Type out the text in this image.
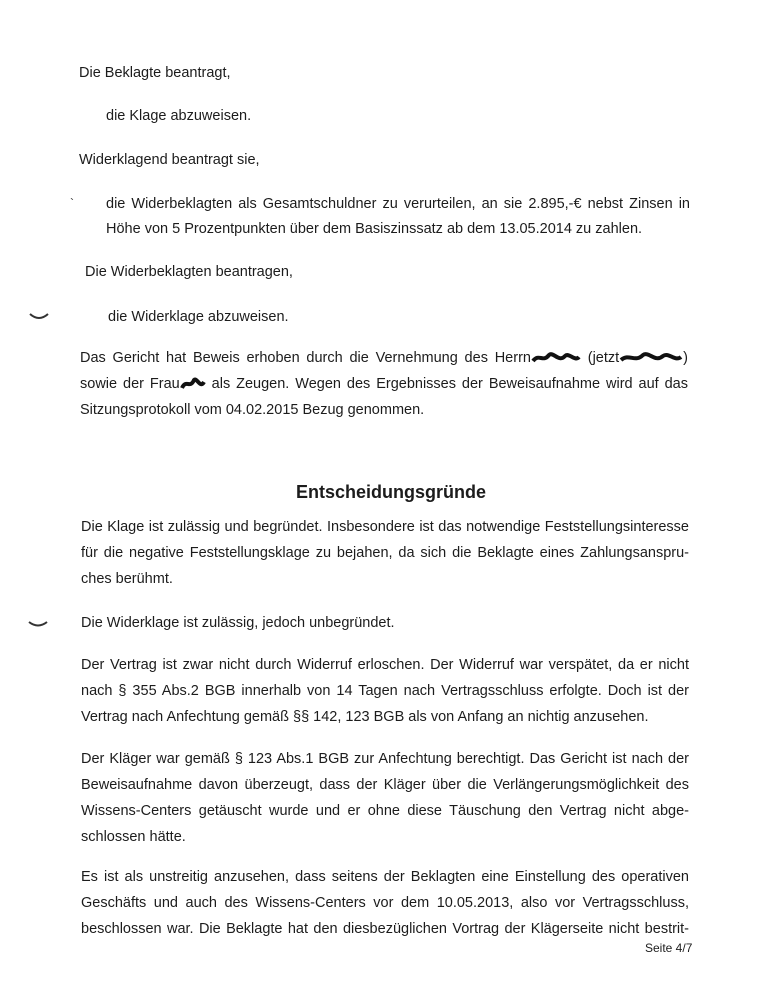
Die Beklagte beantragt,
die Klage abzuweisen.
Widerklagend beantragt sie,
` die Widerbeklagten als Gesamtschuldner zu verurteilen, an sie 2.895,-€ nebst Zinsen in
Höhe von 5 Prozentpunkten über dem Basiszinssatz ab dem 13.05.2014 zu zahlen.
Die Widerbeklagten beantragen,
die Widerklage abzuweisen.
Das Gericht hat Beweis erhoben durch die Vernehmung des Herrn	(jetzt	)
sowie der Frau als Zeugen. Wegen des Ergebnisses der Beweisaufnahme wird auf das
Sitzungsprotokoll vom 04.02.2015 Bezug genommen.
Entscheidungsgründe
Die Klage ist zulässig und begründet. Insbesondere ist das notwendige Feststellungsinteresse
für die negative Feststellungsklage zu bejahen, da sich die Beklagte eines Zahlungsanspru-
ches berühmt.
Die Widerklage ist zulässig, jedoch unbegründet.
Der Vertrag ist zwar nicht durch Widerruf erloschen. Der Widerruf war verspätet, da er nicht
nach § 355 Abs.2 BGB innerhalb von 14 Tagen nach Vertragsschluss erfolgte. Doch ist der
Vertrag nach Anfechtung gemäß §§ 142, 123 BGB als von Anfang an nichtig anzusehen.
Der Kläger war gemäß § 123 Abs.1 BGB zur Anfechtung berechtigt. Das Gericht ist nach der
Beweisaufnahme davon überzeugt, dass der Kläger über die Verlängerungsmöglichkeit des
Wissens-Centers getäuscht wurde und er ohne diese Täuschung den Vertrag nicht abge-
schlossen hätte.
Es ist als unstreitig anzusehen, dass seitens der Beklagten eine Einstellung des operativen
Geschäfts und auch des Wissens-Centers vor dem 10.05.2013, also vor Vertragsschluss,
beschlossen war. Die Beklagte hat den diesbezüglichen Vortrag der Klägerseite nicht bestrit-
Seite 4/7
